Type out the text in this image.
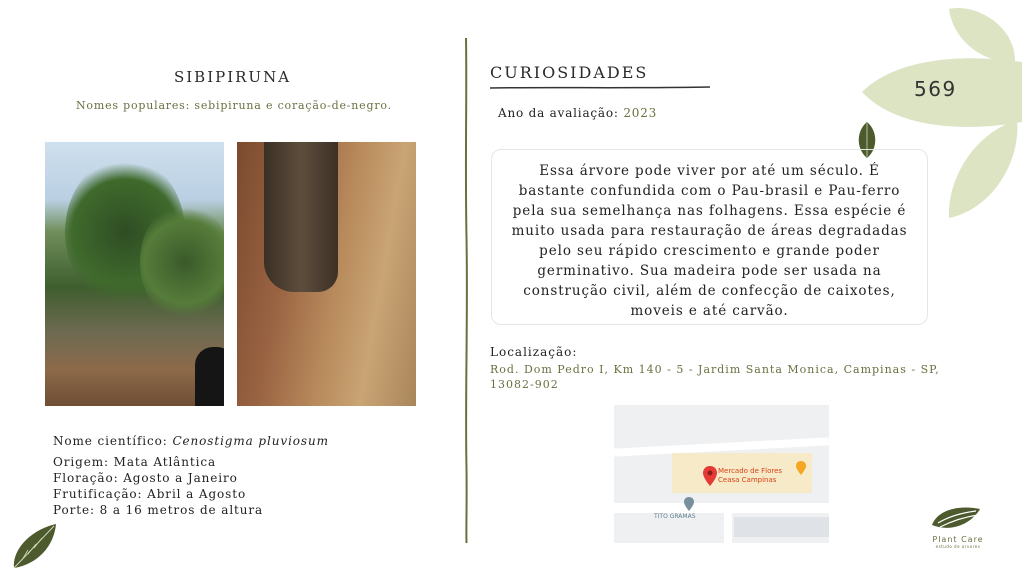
SIBIPIRUNA
Nomes populares: sebipiruna e coração-de-negro.
Nome científico: Cenostigma pluviosum
Origem: Mata Atlântica
Floração: Agosto a Janeiro
Frutificação: Abril a Agosto
Porte: 8 a 16 metros de altura
CURIOSIDADES
Ano da avaliação: 2023
Essa árvore pode viver por até um século. É bastante confundida com o Pau-brasil e Pau-ferro pela sua semelhança nas folhagens. Essa espécie é muito usada para restauração de áreas degradadas pelo seu rápido crescimento e grande poder germinativo. Sua madeira pode ser usada na construção civil, além de confecção de caixotes, moveis e até carvão.
Localização:
Rod. Dom Pedro I, Km 140 - 5 - Jardim Santa Monica, Campinas - SP, 13082-902
Mercado de Flores
Ceasa Campinas
TITO GRAMAS
569
Plant Care
estudo de arvores
